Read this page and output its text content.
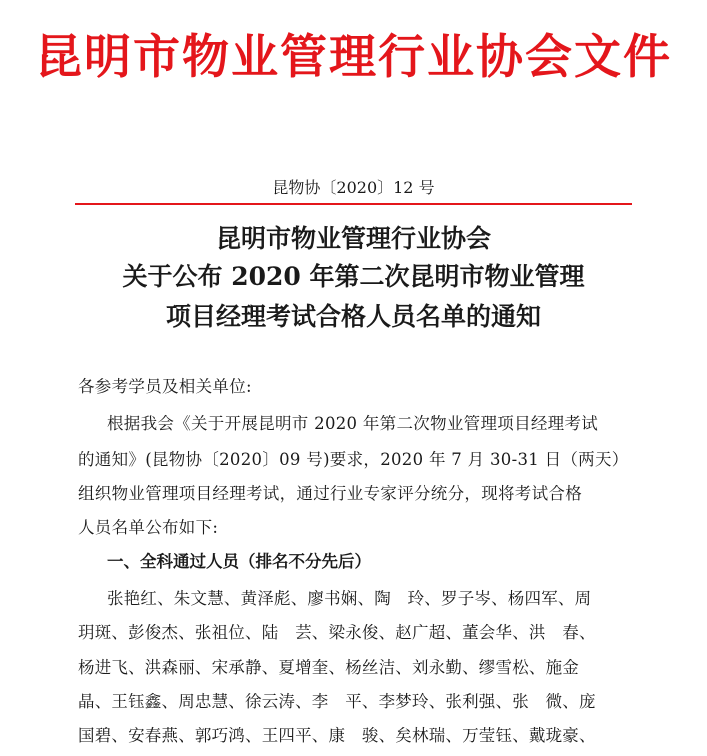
昆明市物业管理行业协会文件
昆物协〔2020〕12 号
昆明市物业管理行业协会
关于公布 2020 年第二次昆明市物业管理
项目经理考试合格人员名单的通知
各参考学员及相关单位:
根据我会《关于开展昆明市 2020 年第二次物业管理项目经理考试
的通知》(昆物协〔2020〕09 号)要求，2020 年 7 月 30-31 日（两天）
组织物业管理项目经理考试，通过行业专家评分统分，现将考试合格
人员名单公布如下:
一、全科通过人员（排名不分先后）
张艳红、朱文慧、黄泽彪、廖书娴、陶　玲、罗子岑、杨四军、周
玥斑、彭俊杰、张祖位、陆　芸、梁永俊、赵广超、董会华、洪　春、
杨进飞、洪森丽、宋承静、夏增奎、杨丝洁、刘永勤、缪雪松、施金
晶、王钰鑫、周忠慧、徐云涛、李　平、李梦玲、张利强、张　微、庞
国碧、安春燕、郭巧鸿、王四平、康　骏、矣林瑞、万莹钰、戴珑豪、
